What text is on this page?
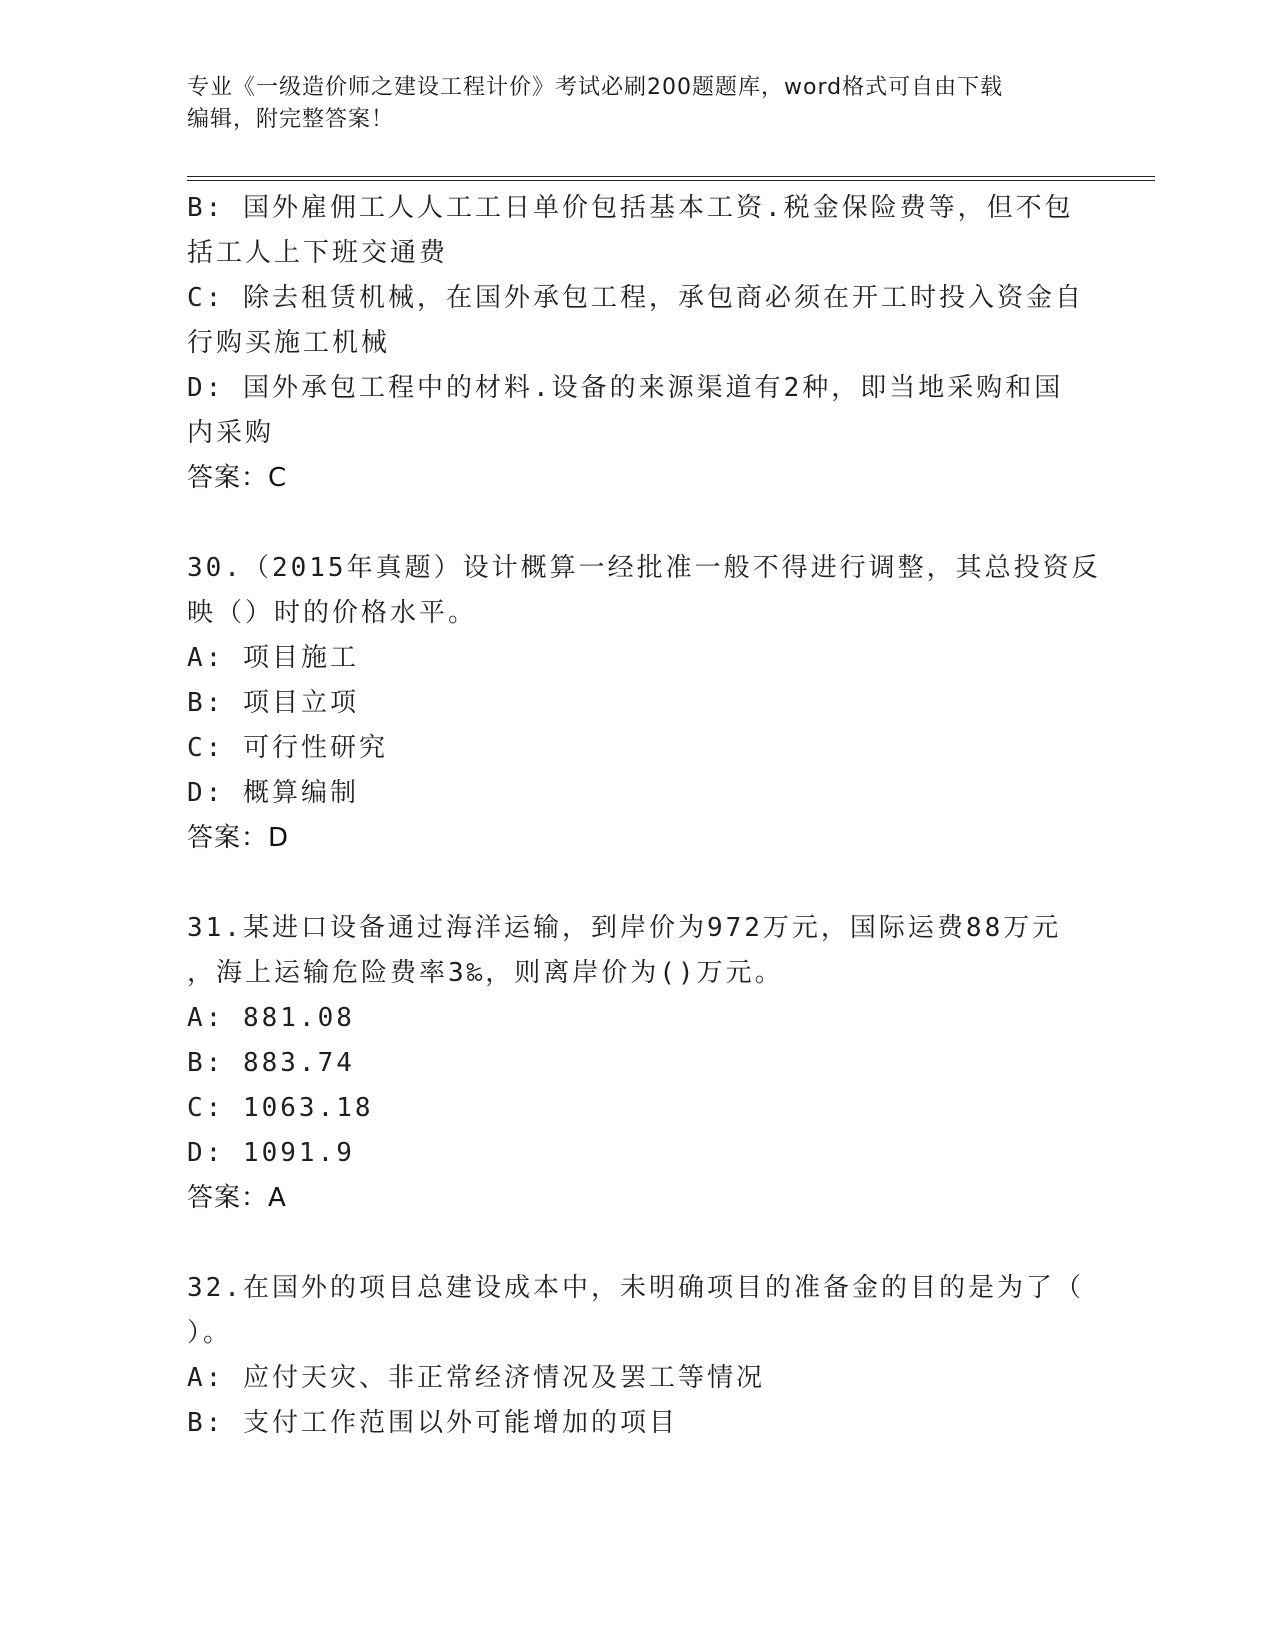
专业《一级造价师之建设工程计价》考试必刷200题题库，word格式可自由下载
编辑，附完整答案！
B: 国外雇佣工人人工工日单价包括基本工资.税金保险费等，但不包
括工人上下班交通费
C: 除去租赁机械，在国外承包工程，承包商必须在开工时投入资金自
行购买施工机械
D: 国外承包工程中的材料.设备的来源渠道有2种，即当地采购和国
内采购
答案：C
30.（2015年真题）设计概算一经批准一般不得进行调整，其总投资反
映（）时的价格水平。
A: 项目施工
B: 项目立项
C: 可行性研究
D: 概算编制
答案：D
31.某进口设备通过海洋运输，到岸价为972万元，国际运费88万元
，海上运输危险费率3‰，则离岸价为()万元。
A: 881.08
B: 883.74
C: 1063.18
D: 1091.9
答案：A
32.在国外的项目总建设成本中，未明确项目的准备金的目的是为了（
）。
A: 应付天灾、非正常经济情况及罢工等情况
B: 支付工作范围以外可能增加的项目
